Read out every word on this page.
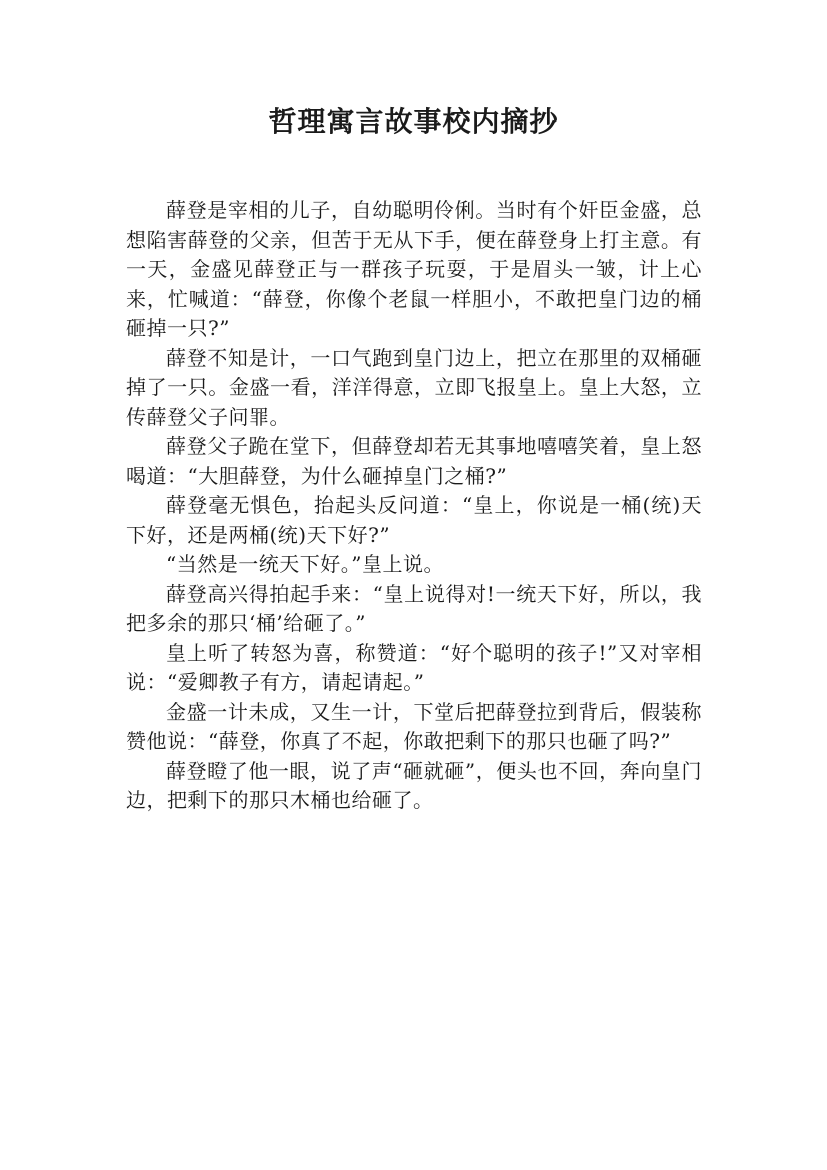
哲理寓言故事校内摘抄

薛登是宰相的儿子，自幼聪明伶俐。当时有个奸臣金盛，总想陷害薛登的父亲，但苦于无从下手，便在薛登身上打主意。有一天，金盛见薛登正与一群孩子玩耍，于是眉头一皱，计上心来，忙喊道：“薛登，你像个老鼠一样胆小，不敢把皇门边的桶砸掉一只?”

薛登不知是计，一口气跑到皇门边上，把立在那里的双桶砸掉了一只。金盛一看，洋洋得意，立即飞报皇上。皇上大怒，立传薛登父子问罪。

薛登父子跪在堂下，但薛登却若无其事地嘻嘻笑着，皇上怒喝道：“大胆薛登，为什么砸掉皇门之桶?”

薛登毫无惧色，抬起头反问道：“皇上，你说是一桶(统)天下好，还是两桶(统)天下好?”

“当然是一统天下好。”皇上说。

薛登高兴得拍起手来：“皇上说得对!一统天下好，所以，我把多余的那只‘桶’给砸了。”

皇上听了转怒为喜，称赞道：“好个聪明的孩子!”又对宰相说：“爱卿教子有方，请起请起。”

金盛一计未成，又生一计，下堂后把薛登拉到背后，假装称赞他说：“薛登，你真了不起，你敢把剩下的那只也砸了吗?”

薛登瞪了他一眼，说了声“砸就砸”，便头也不回，奔向皇门边，把剩下的那只木桶也给砸了。
